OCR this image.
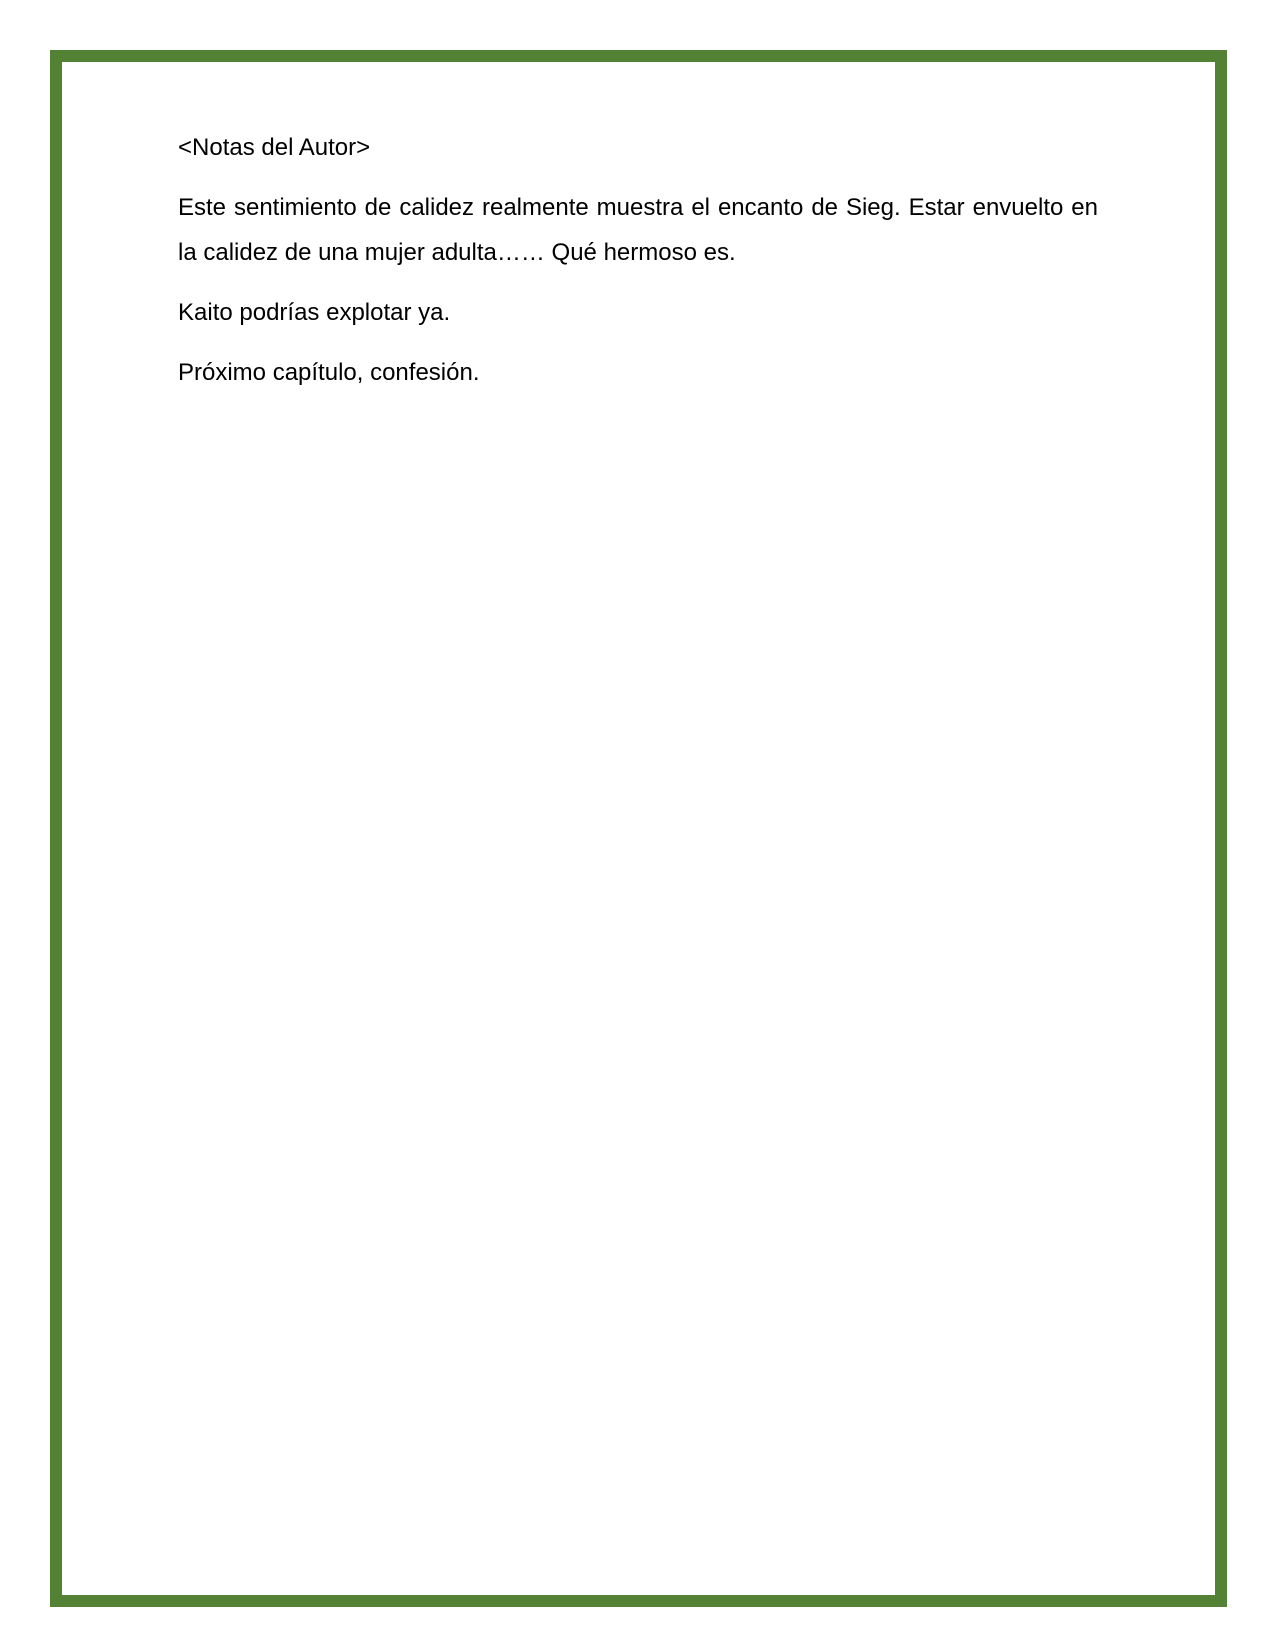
<Notas del Autor>

Este sentimiento de calidez realmente muestra el encanto de Sieg. Estar envuelto en la calidez de una mujer adulta…… Qué hermoso es.

Kaito podrías explotar ya.

Próximo capítulo, confesión.
